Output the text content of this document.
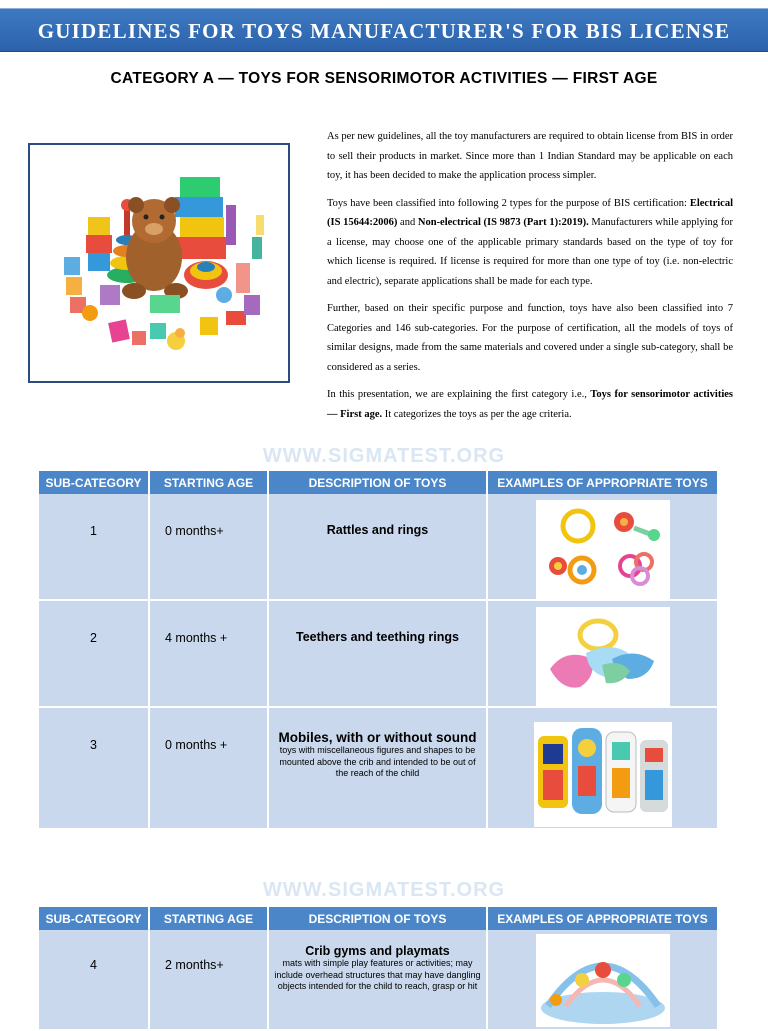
GUIDELINES FOR TOYS MANUFACTURER'S FOR BIS LICENSE
CATEGORY A — TOYS FOR SENSORIMOTOR ACTIVITIES — FIRST AGE

As per new guidelines, all the toy manufacturers are required to obtain license from BIS in order to sell their products in market. Since more than 1 Indian Standard may be applicable on each toy, it has been decided to make the application process simpler.

Toys have been classified into following 2 types for the purpose of BIS certification: Electrical (IS 15644:2006) and Non-electrical (IS 9873 (Part 1):2019). Manufacturers while applying for a license, may choose one of the applicable primary standards based on the type of toy for which license is required. If license is required for more than one type of toy (i.e. non-electric and electric), separate applications shall be made for each type.

Further, based on their specific purpose and function, toys have also been classified into 7 Categories and 146 sub-categories. For the purpose of certification, all the models of toys of similar designs, made from the same materials and covered under a single sub-category, shall be considered as a series.

In this presentation, we are explaining the first category i.e., Toys for sensorimotor activities — First age. It categorizes the toys as per the age criteria.

WWW.SIGMATEST.ORG
SUB-CATEGORY	STARTING AGE	DESCRIPTION OF TOYS	EXAMPLES OF APPROPRIATE TOYS
1	0 months+	Rattles and rings	
2	4 months +	Teethers and teething rings	
3	0 months +	Mobiles, with or without sound
toys with miscellaneous figures and shapes to be mounted above the crib and intended to be out of the reach of the child

WWW.SIGMATEST.ORG
SUB-CATEGORY	STARTING AGE	DESCRIPTION OF TOYS	EXAMPLES OF APPROPRIATE TOYS
4	2 months+	Crib gyms and playmats
mats with simple play features or activities; may include overhead structures that may have dangling objects intended for the child to reach, grasp or hit
